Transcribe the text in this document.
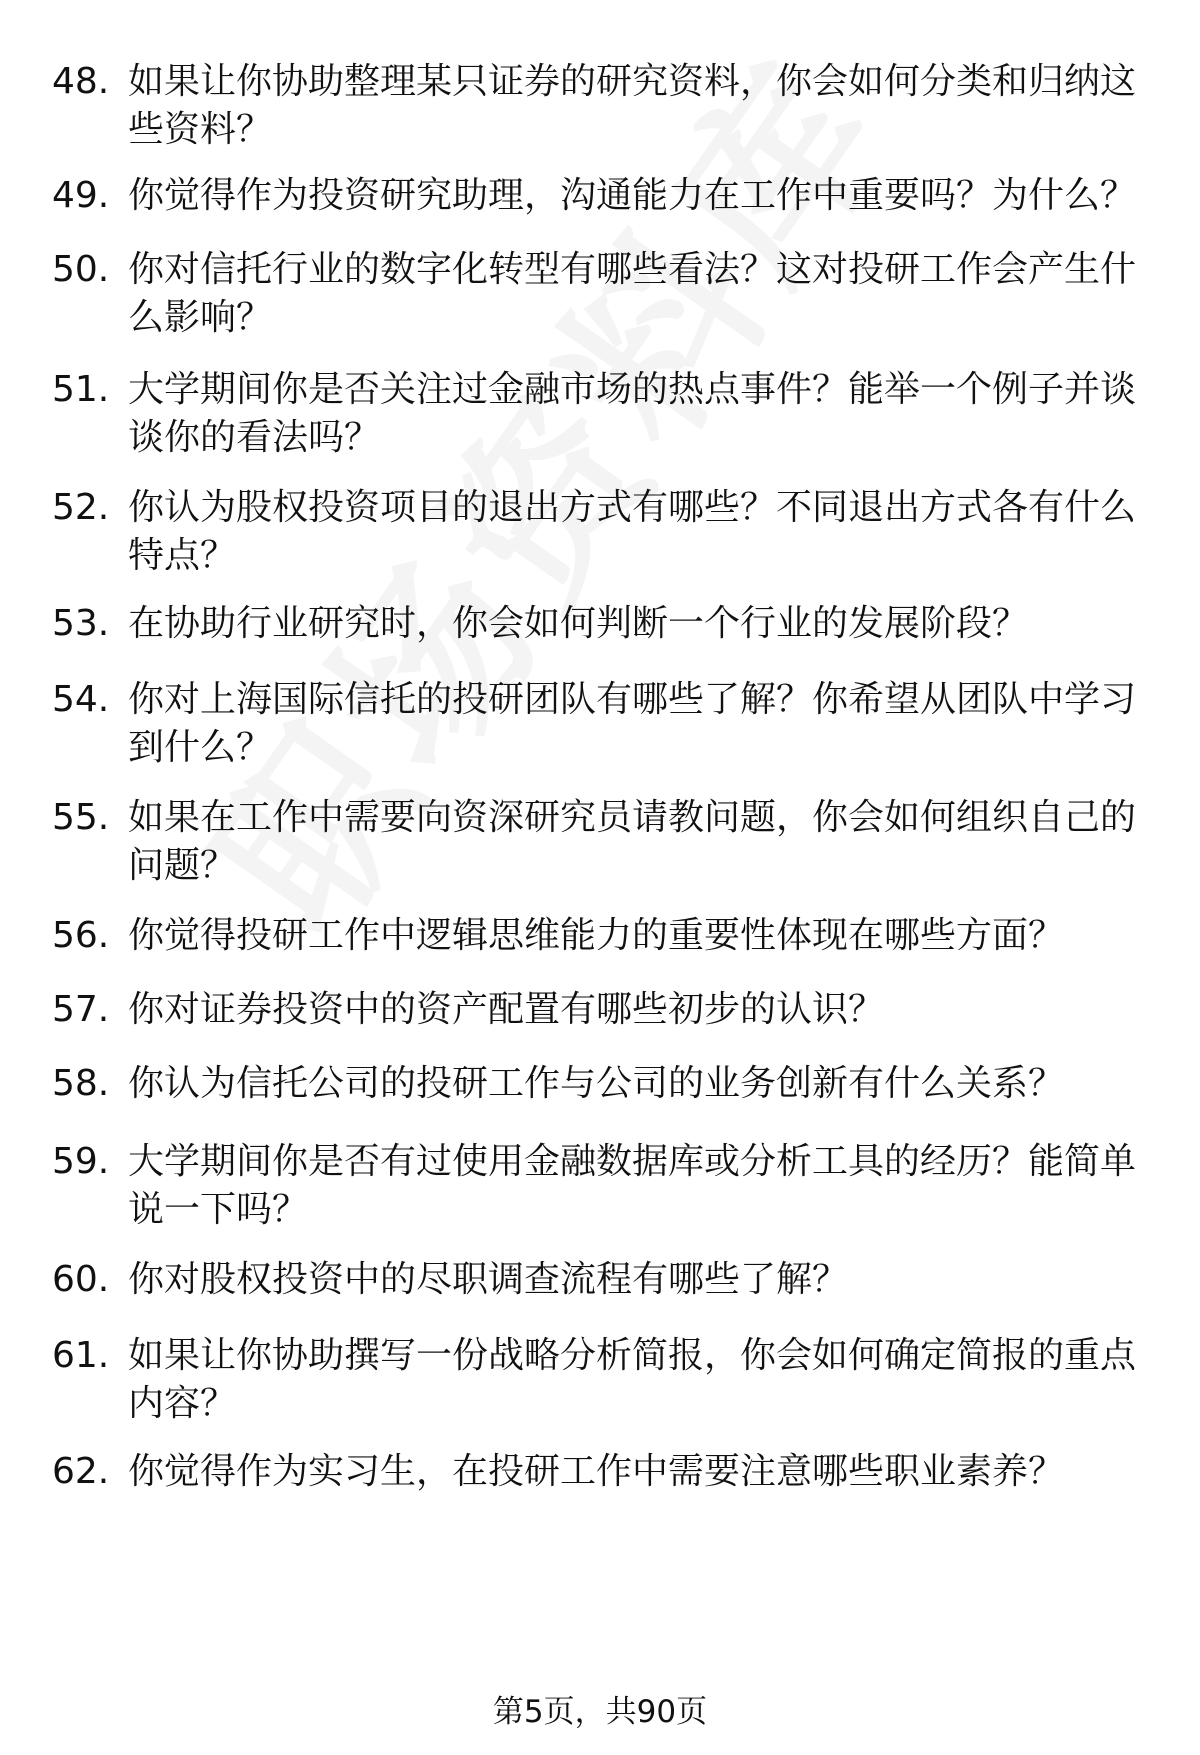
48. 如果让你协助整理某只证券的研究资料，你会如何分类和归纳这些资料？
49. 你觉得作为投资研究助理，沟通能力在工作中重要吗？为什么？
50. 你对信托行业的数字化转型有哪些看法？这对投研工作会产生什么影响？
51. 大学期间你是否关注过金融市场的热点事件？能举一个例子并谈谈你的看法吗？
52. 你认为股权投资项目的退出方式有哪些？不同退出方式各有什么特点？
53. 在协助行业研究时，你会如何判断一个行业的发展阶段？
54. 你对上海国际信托的投研团队有哪些了解？你希望从团队中学习到什么？
55. 如果在工作中需要向资深研究员请教问题，你会如何组织自己的问题？
56. 你觉得投研工作中逻辑思维能力的重要性体现在哪些方面？
57. 你对证券投资中的资产配置有哪些初步的认识？
58. 你认为信托公司的投研工作与公司的业务创新有什么关系？
59. 大学期间你是否有过使用金融数据库或分析工具的经历？能简单说一下吗？
60. 你对股权投资中的尽职调查流程有哪些了解？
61. 如果让你协助撰写一份战略分析简报，你会如何确定简报的重点内容？
62. 你觉得作为实习生，在投研工作中需要注意哪些职业素养？
第5页，共90页
